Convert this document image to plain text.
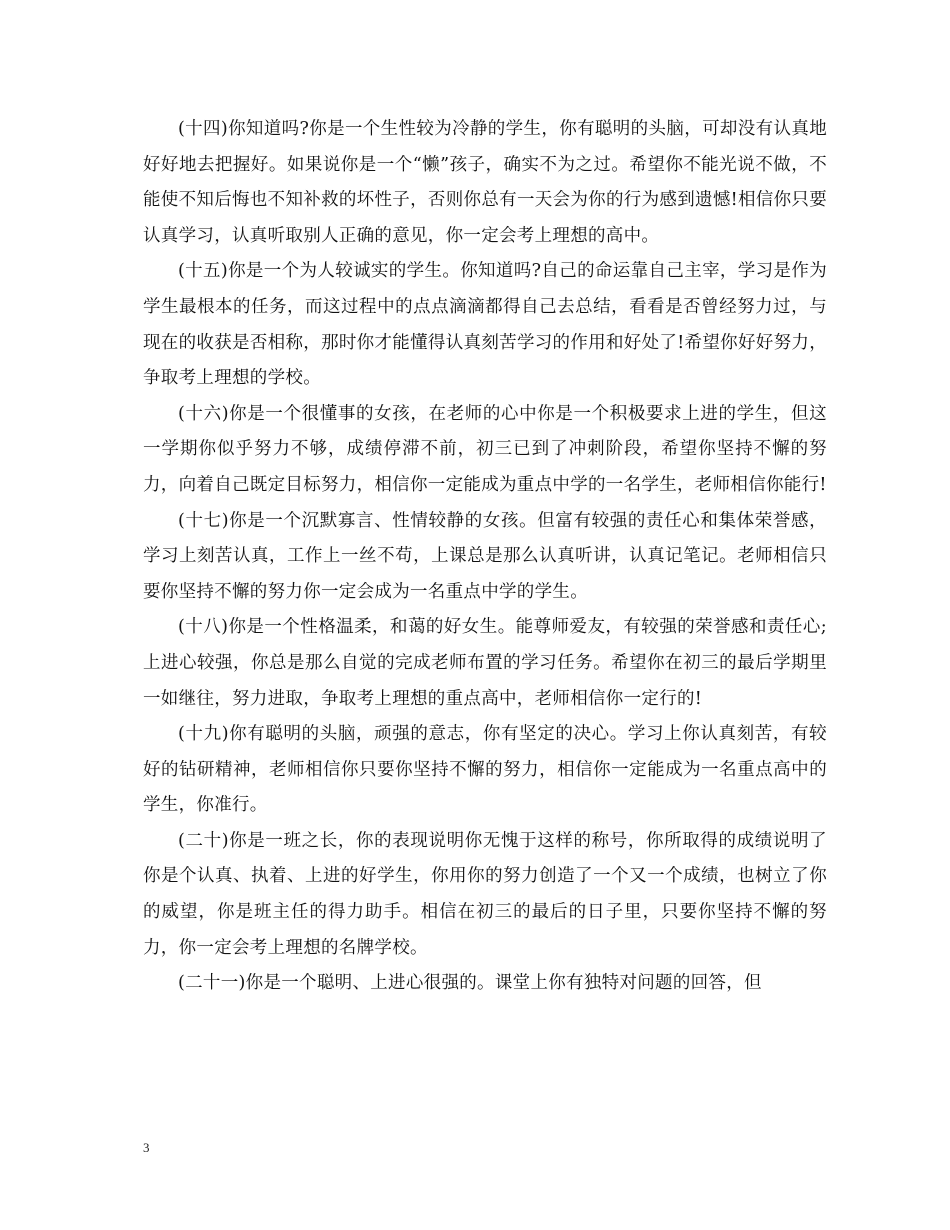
(十四)你知道吗?你是一个生性较为冷静的学生，你有聪明的头脑，可却没有认真地好好地去把握好。如果说你是一个“懒”孩子，确实不为之过。希望你不能光说不做，不能使不知后悔也不知补救的坏性子，否则你总有一天会为你的行为感到遗憾!相信你只要认真学习，认真听取别人正确的意见，你一定会考上理想的高中。

(十五)你是一个为人较诚实的学生。你知道吗?自己的命运靠自己主宰，学习是作为学生最根本的任务，而这过程中的点点滴滴都得自己去总结，看看是否曾经努力过，与现在的收获是否相称，那时你才能懂得认真刻苦学习的作用和好处了!希望你好好努力，争取考上理想的学校。

(十六)你是一个很懂事的女孩，在老师的心中你是一个积极要求上进的学生，但这一学期你似乎努力不够，成绩停滞不前，初三已到了冲刺阶段，希望你坚持不懈的努力，向着自己既定目标努力，相信你一定能成为重点中学的一名学生，老师相信你能行!

(十七)你是一个沉默寡言、性情较静的女孩。但富有较强的责任心和集体荣誉感，学习上刻苦认真，工作上一丝不苟，上课总是那么认真听讲，认真记笔记。老师相信只要你坚持不懈的努力你一定会成为一名重点中学的学生。

(十八)你是一个性格温柔，和蔼的好女生。能尊师爱友，有较强的荣誉感和责任心;上进心较强，你总是那么自觉的完成老师布置的学习任务。希望你在初三的最后学期里一如继往，努力进取，争取考上理想的重点高中，老师相信你一定行的!

(十九)你有聪明的头脑，顽强的意志，你有坚定的决心。学习上你认真刻苦，有较好的钻研精神，老师相信你只要你坚持不懈的努力，相信你一定能成为一名重点高中的学生，你准行。

(二十)你是一班之长，你的表现说明你无愧于这样的称号，你所取得的成绩说明了你是个认真、执着、上进的好学生，你用你的努力创造了一个又一个成绩，也树立了你的威望，你是班主任的得力助手。相信在初三的最后的日子里，只要你坚持不懈的努力，你一定会考上理想的名牌学校。

(二十一)你是一个聪明、上进心很强的。课堂上你有独特对问题的回答，但

3
